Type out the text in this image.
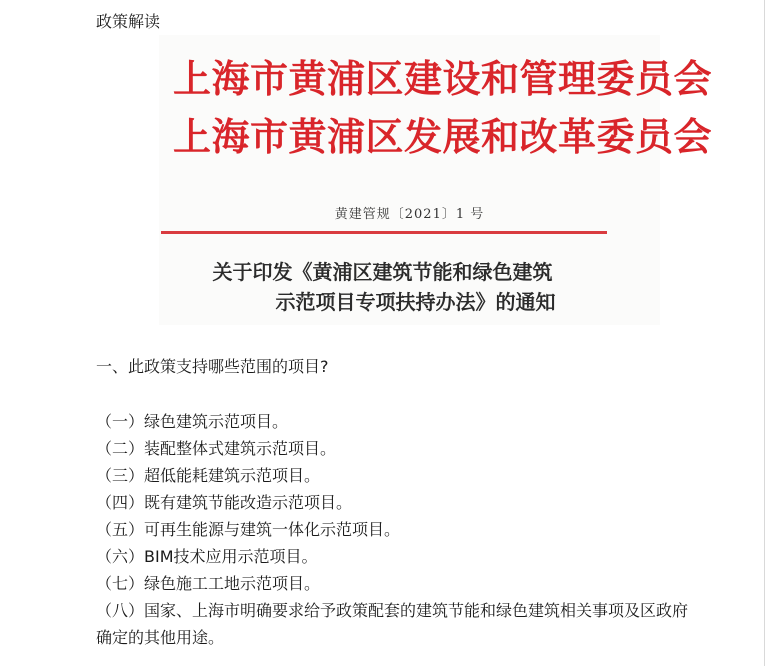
政策解读
上海市黄浦区建设和管理委员会
上海市黄浦区发展和改革委员会
黄建管规〔2021〕1 号
关于印发《黄浦区建筑节能和绿色建筑
示范项目专项扶持办法》的通知
一、此政策支持哪些范围的项目?
（一）绿色建筑示范项目。
（二）装配整体式建筑示范项目。
（三）超低能耗建筑示范项目。
（四）既有建筑节能改造示范项目。
（五）可再生能源与建筑一体化示范项目。
（六）BIM技术应用示范项目。
（七）绿色施工工地示范项目。
（八）国家、上海市明确要求给予政策配套的建筑节能和绿色建筑相关事项及区政府确定的其他用途。
